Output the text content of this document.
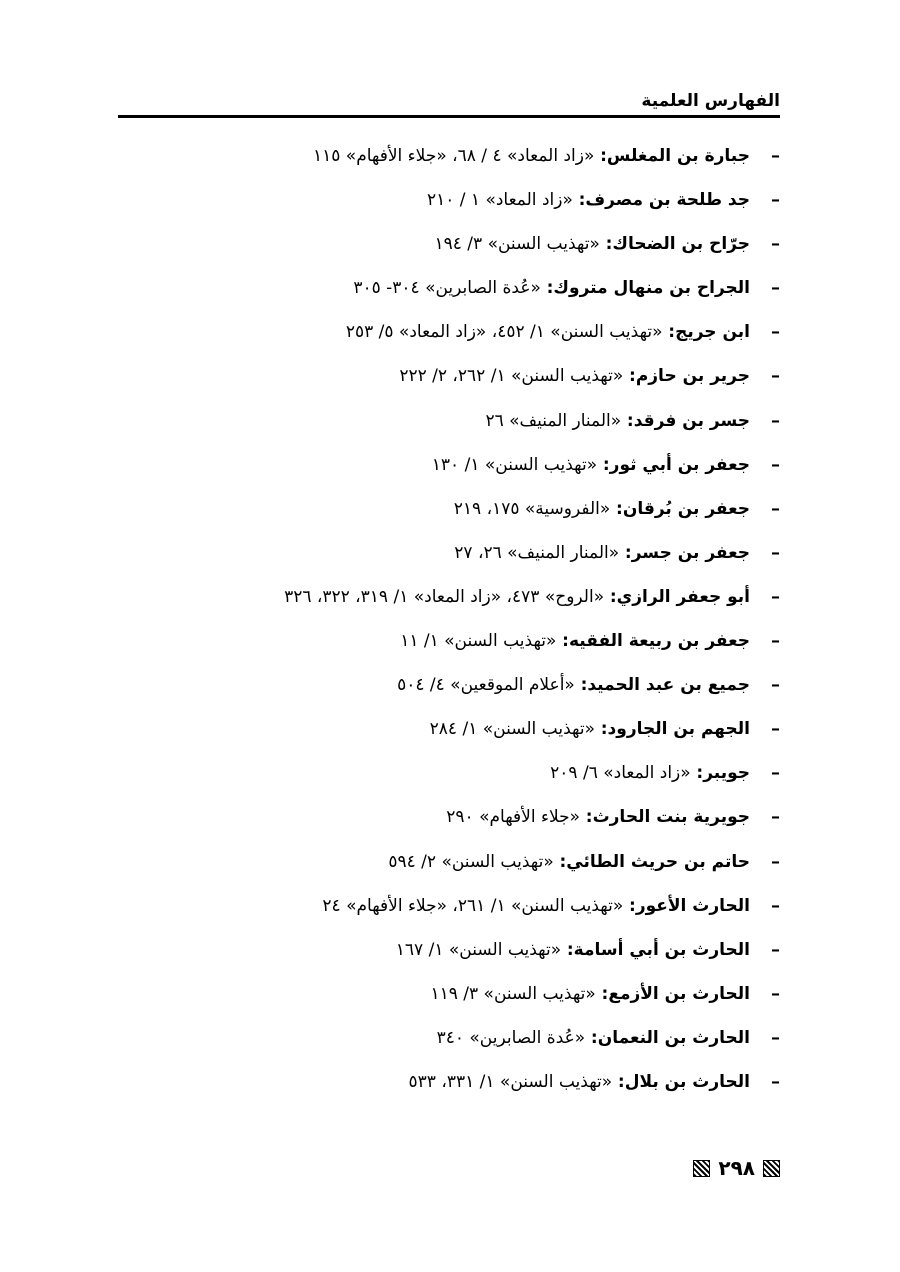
الفهارس العلمية
–جبارة بن المغلس: «زاد المعاد» ٤ / ٦٨، «جلاء الأفهام» ١١٥
–جد طلحة بن مصرف: «زاد المعاد» ١ / ٢١٠
–جرّاح بن الضحاك: «تهذيب السنن» ٣/ ١٩٤
–الجراح بن منهال متروك: «عُدة الصابرين» ٣٠٤- ٣٠٥
–ابن جريج: «تهذيب السنن» ١/ ٤٥٢، «زاد المعاد» ٥/ ٢٥٣
–جرير بن حازم: «تهذيب السنن» ١/ ٢٦٢، ٢/ ٢٢٢
–جسر بن فرقد: «المنار المنيف» ٢٦
–جعفر بن أبي ثور: «تهذيب السنن» ١/ ١٣٠
–جعفر بن بُرقان: «الفروسية» ١٧٥، ٢١٩
–جعفر بن جسر: «المنار المنيف» ٢٦، ٢٧
–أبو جعفر الرازي: «الروح» ٤٧٣، «زاد المعاد» ١/ ٣١٩، ٣٢٢، ٣٢٦
–جعفر بن ربيعة الفقيه: «تهذيب السنن» ١/ ١١
–جميع بن عبد الحميد: «أعلام الموقعين» ٤/ ٥٠٤
–الجهم بن الجارود: «تهذيب السنن» ١/ ٢٨٤
–جويبر: «زاد المعاد» ٦/ ٢٠٩
–جويرية بنت الحارث: «جلاء الأفهام» ٢٩٠
–حاتم بن حريث الطائي: «تهذيب السنن» ٢/ ٥٩٤
–الحارث الأعور: «تهذيب السنن» ١/ ٢٦١، «جلاء الأفهام» ٢٤
–الحارث بن أبي أسامة: «تهذيب السنن» ١/ ١٦٧
–الحارث بن الأزمع: «تهذيب السنن» ٣/ ١١٩
–الحارث بن النعمان: «عُدة الصابرين» ٣٤٠
–الحارث بن بلال: «تهذيب السنن» ١/ ٣٣١، ٥٣٣
٢٩٨
